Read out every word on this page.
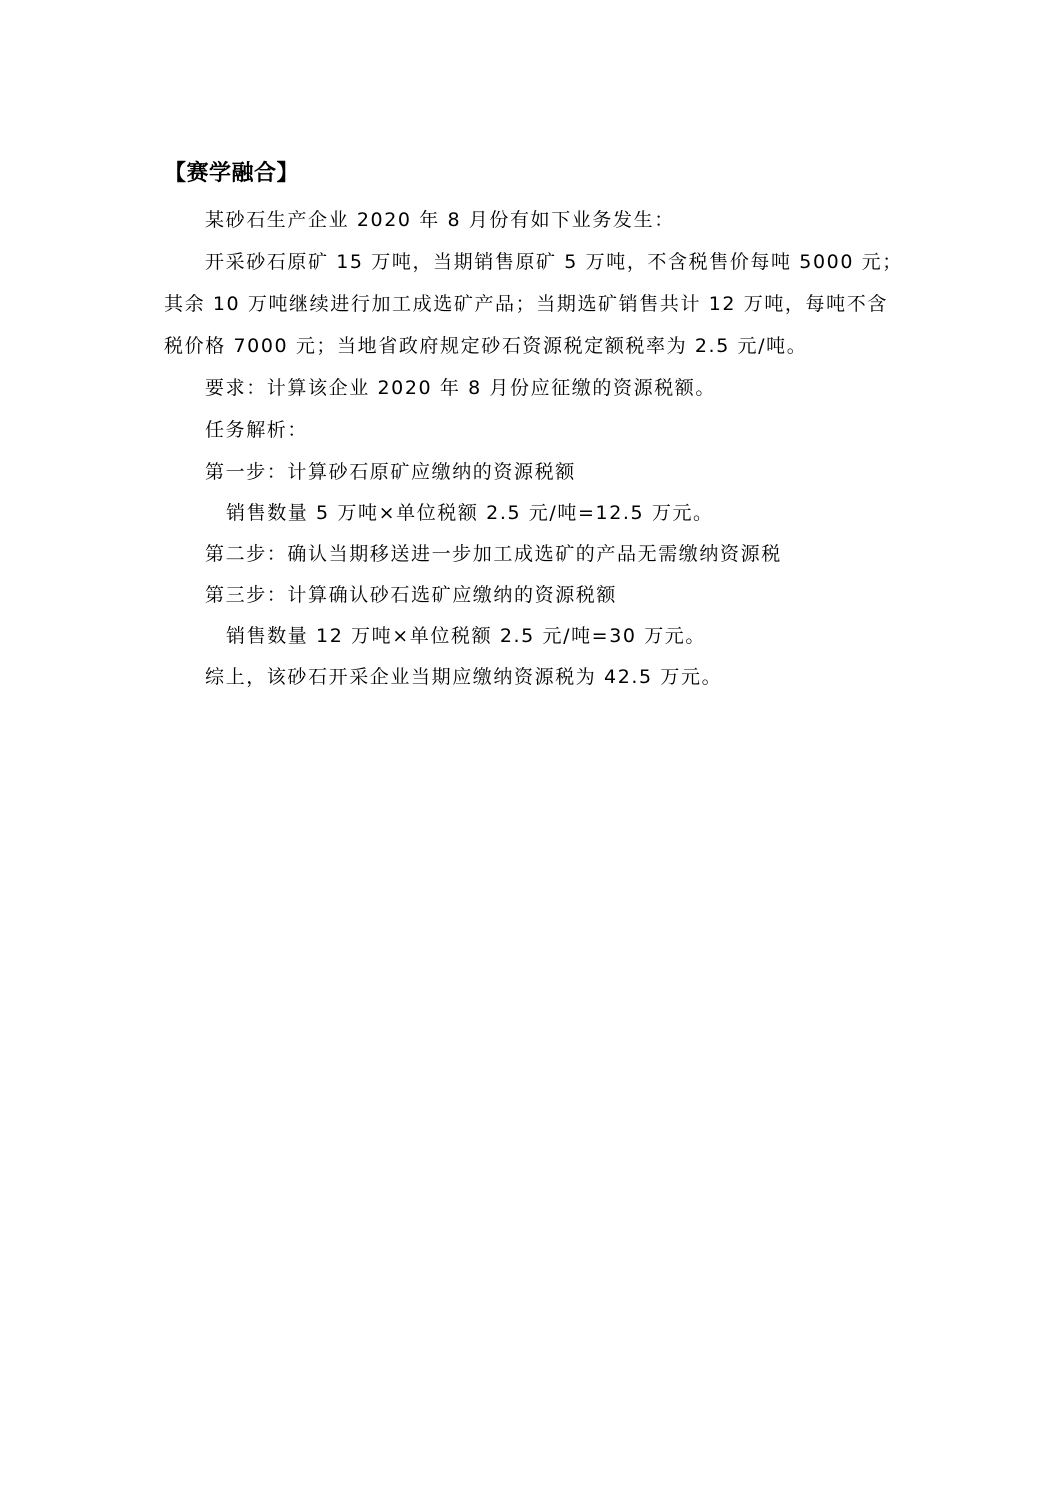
【赛学融合】
某砂石生产企业 2020 年 8 月份有如下业务发生：
开采砂石原矿 15 万吨，当期销售原矿 5 万吨，不含税售价每吨 5000 元；
其余 10 万吨继续进行加工成选矿产品；当期选矿销售共计 12 万吨，每吨不含
税价格 7000 元；当地省政府规定砂石资源税定额税率为 2.5 元/吨。
要求：计算该企业 2020 年 8 月份应征缴的资源税额。
任务解析：
第一步：计算砂石原矿应缴纳的资源税额
销售数量 5 万吨×单位税额 2.5 元/吨=12.5 万元。
第二步：确认当期移送进一步加工成选矿的产品无需缴纳资源税
第三步：计算确认砂石选矿应缴纳的资源税额
销售数量 12 万吨×单位税额 2.5 元/吨=30 万元。
综上，该砂石开采企业当期应缴纳资源税为 42.5 万元。
